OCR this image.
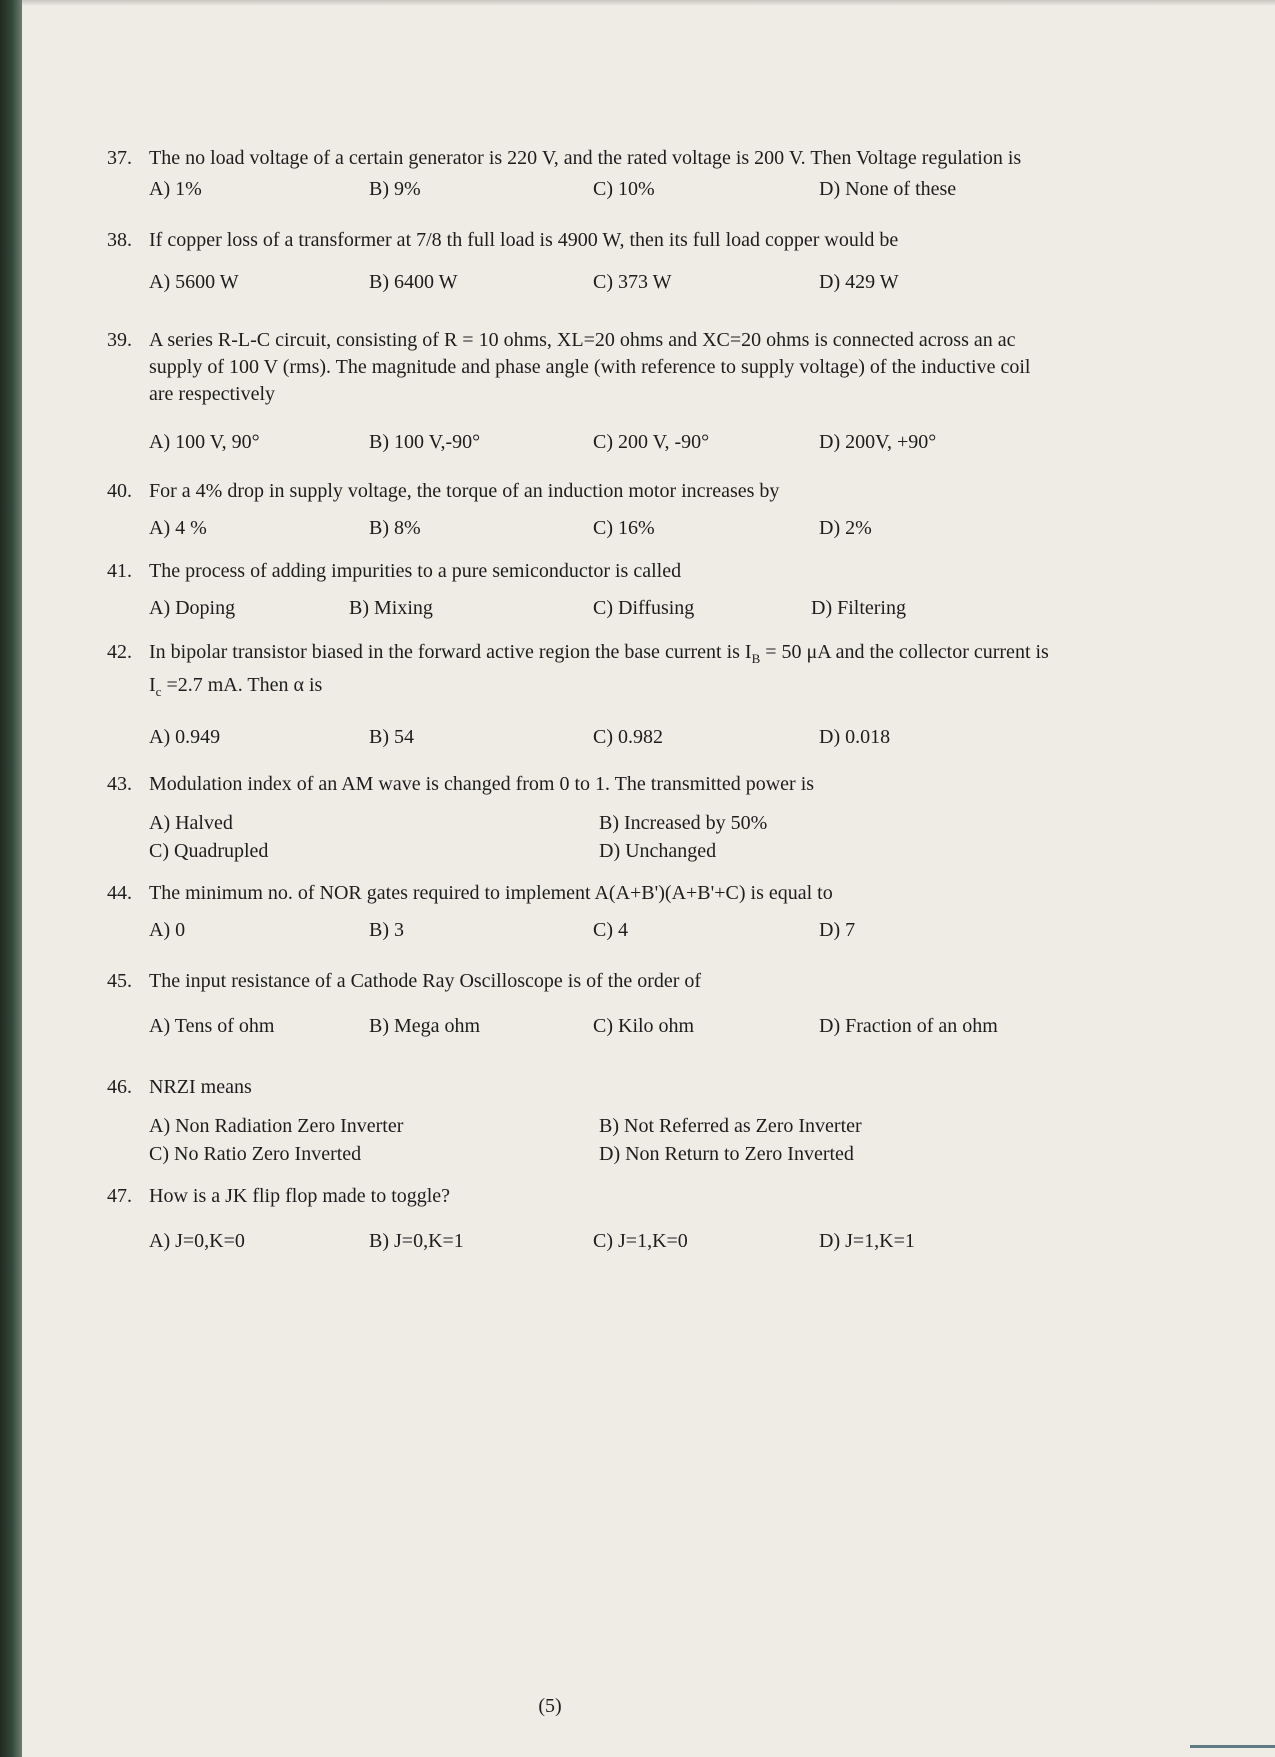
37. The no load voltage of a certain generator is 220 V, and the rated voltage is 200 V. Then Voltage regulation is
A) 1%	B) 9%	C) 10%	D) None of these
38. If copper loss of a transformer at 7/8 th full load is 4900 W, then its full load copper would be
A) 5600 W	B) 6400 W	C) 373 W	D) 429 W
39. A series R-L-C circuit, consisting of R = 10 ohms, XL=20 ohms and XC=20 ohms is connected across an ac supply of 100 V (rms). The magnitude and phase angle (with reference to supply voltage) of the inductive coil are respectively
A) 100 V, 90°	B) 100 V,-90°	C) 200 V, -90°	D) 200V, +90°
40. For a 4% drop in supply voltage, the torque of an induction motor increases by
A) 4 %	B) 8%	C) 16%	D) 2%
41. The process of adding impurities to a pure semiconductor is called
A) Doping	B) Mixing	C) Diffusing	D) Filtering
42. In bipolar transistor biased in the forward active region the base current is $I_B = 50$ μA and the collector current is $I_c =2.7$ mA. Then α is
A) 0.949	B) 54	C) 0.982	D) 0.018
43. Modulation index of an AM wave is changed from 0 to 1. The transmitted power is
A) Halved	B) Increased by 50%
C) Quadrupled	D) Unchanged
44. The minimum no. of NOR gates required to implement A(A+B')(A+B'+C) is equal to
A) 0	B) 3	C) 4	D) 7
45. The input resistance of a Cathode Ray Oscilloscope is of the order of
A) Tens of ohm	B) Mega ohm	C) Kilo ohm	D) Fraction of an ohm
46. NRZI means
A) Non Radiation Zero Inverter	B) Not Referred as Zero Inverter
C) No Ratio Zero Inverted	D) Non Return to Zero Inverted
47. How is a JK flip flop made to toggle?
A) J=0,K=0	B) J=0,K=1	C) J=1,K=0	D) J=1,K=1
(5)
